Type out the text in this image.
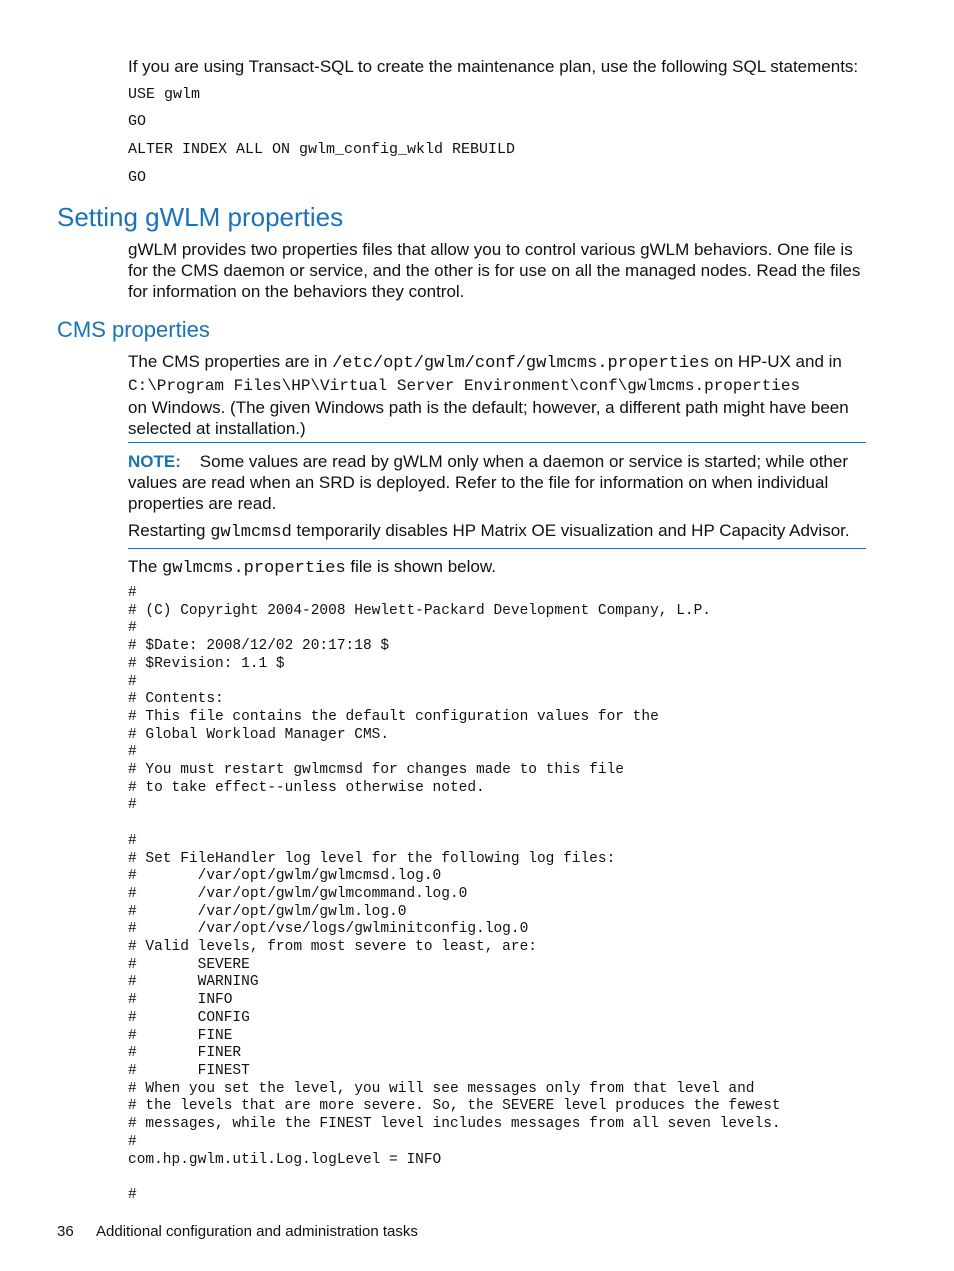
If you are using Transact-SQL to create the maintenance plan, use the following SQL statements:
USE gwlm
GO
ALTER INDEX ALL ON gwlm_config_wkld REBUILD
GO
Setting gWLM properties
gWLM provides two properties files that allow you to control various gWLM behaviors. One file is for the CMS daemon or service, and the other is for use on all the managed nodes. Read the files for information on the behaviors they control.
CMS properties
The CMS properties are in /etc/opt/gwlm/conf/gwlmcms.properties on HP-UX and in
C:\Program Files\HP\Virtual Server Environment\conf\gwlmcms.properties
on Windows. (The given Windows path is the default; however, a different path might have been selected at installation.)
NOTE: Some values are read by gWLM only when a daemon or service is started; while other values are read when an SRD is deployed. Refer to the file for information on when individual properties are read.
Restarting gwlmcmsd temporarily disables HP Matrix OE visualization and HP Capacity Advisor.
The gwlmcms.properties file is shown below.
#
# (C) Copyright 2004-2008 Hewlett-Packard Development Company, L.P.
#
# $Date: 2008/12/02 20:17:18 $
# $Revision: 1.1 $
#
# Contents:
# This file contains the default configuration values for the
# Global Workload Manager CMS.
#
# You must restart gwlmcmsd for changes made to this file
# to take effect--unless otherwise noted.
#

#
# Set FileHandler log level for the following log files:
#       /var/opt/gwlm/gwlmcmsd.log.0
#       /var/opt/gwlm/gwlmcommand.log.0
#       /var/opt/gwlm/gwlm.log.0
#       /var/opt/vse/logs/gwlminitconfig.log.0
# Valid levels, from most severe to least, are:
#       SEVERE
#       WARNING
#       INFO
#       CONFIG
#       FINE
#       FINER
#       FINEST
# When you set the level, you will see messages only from that level and
# the levels that are more severe. So, the SEVERE level produces the fewest
# messages, while the FINEST level includes messages from all seven levels.
#
com.hp.gwlm.util.Log.logLevel = INFO

#
36 Additional configuration and administration tasks
